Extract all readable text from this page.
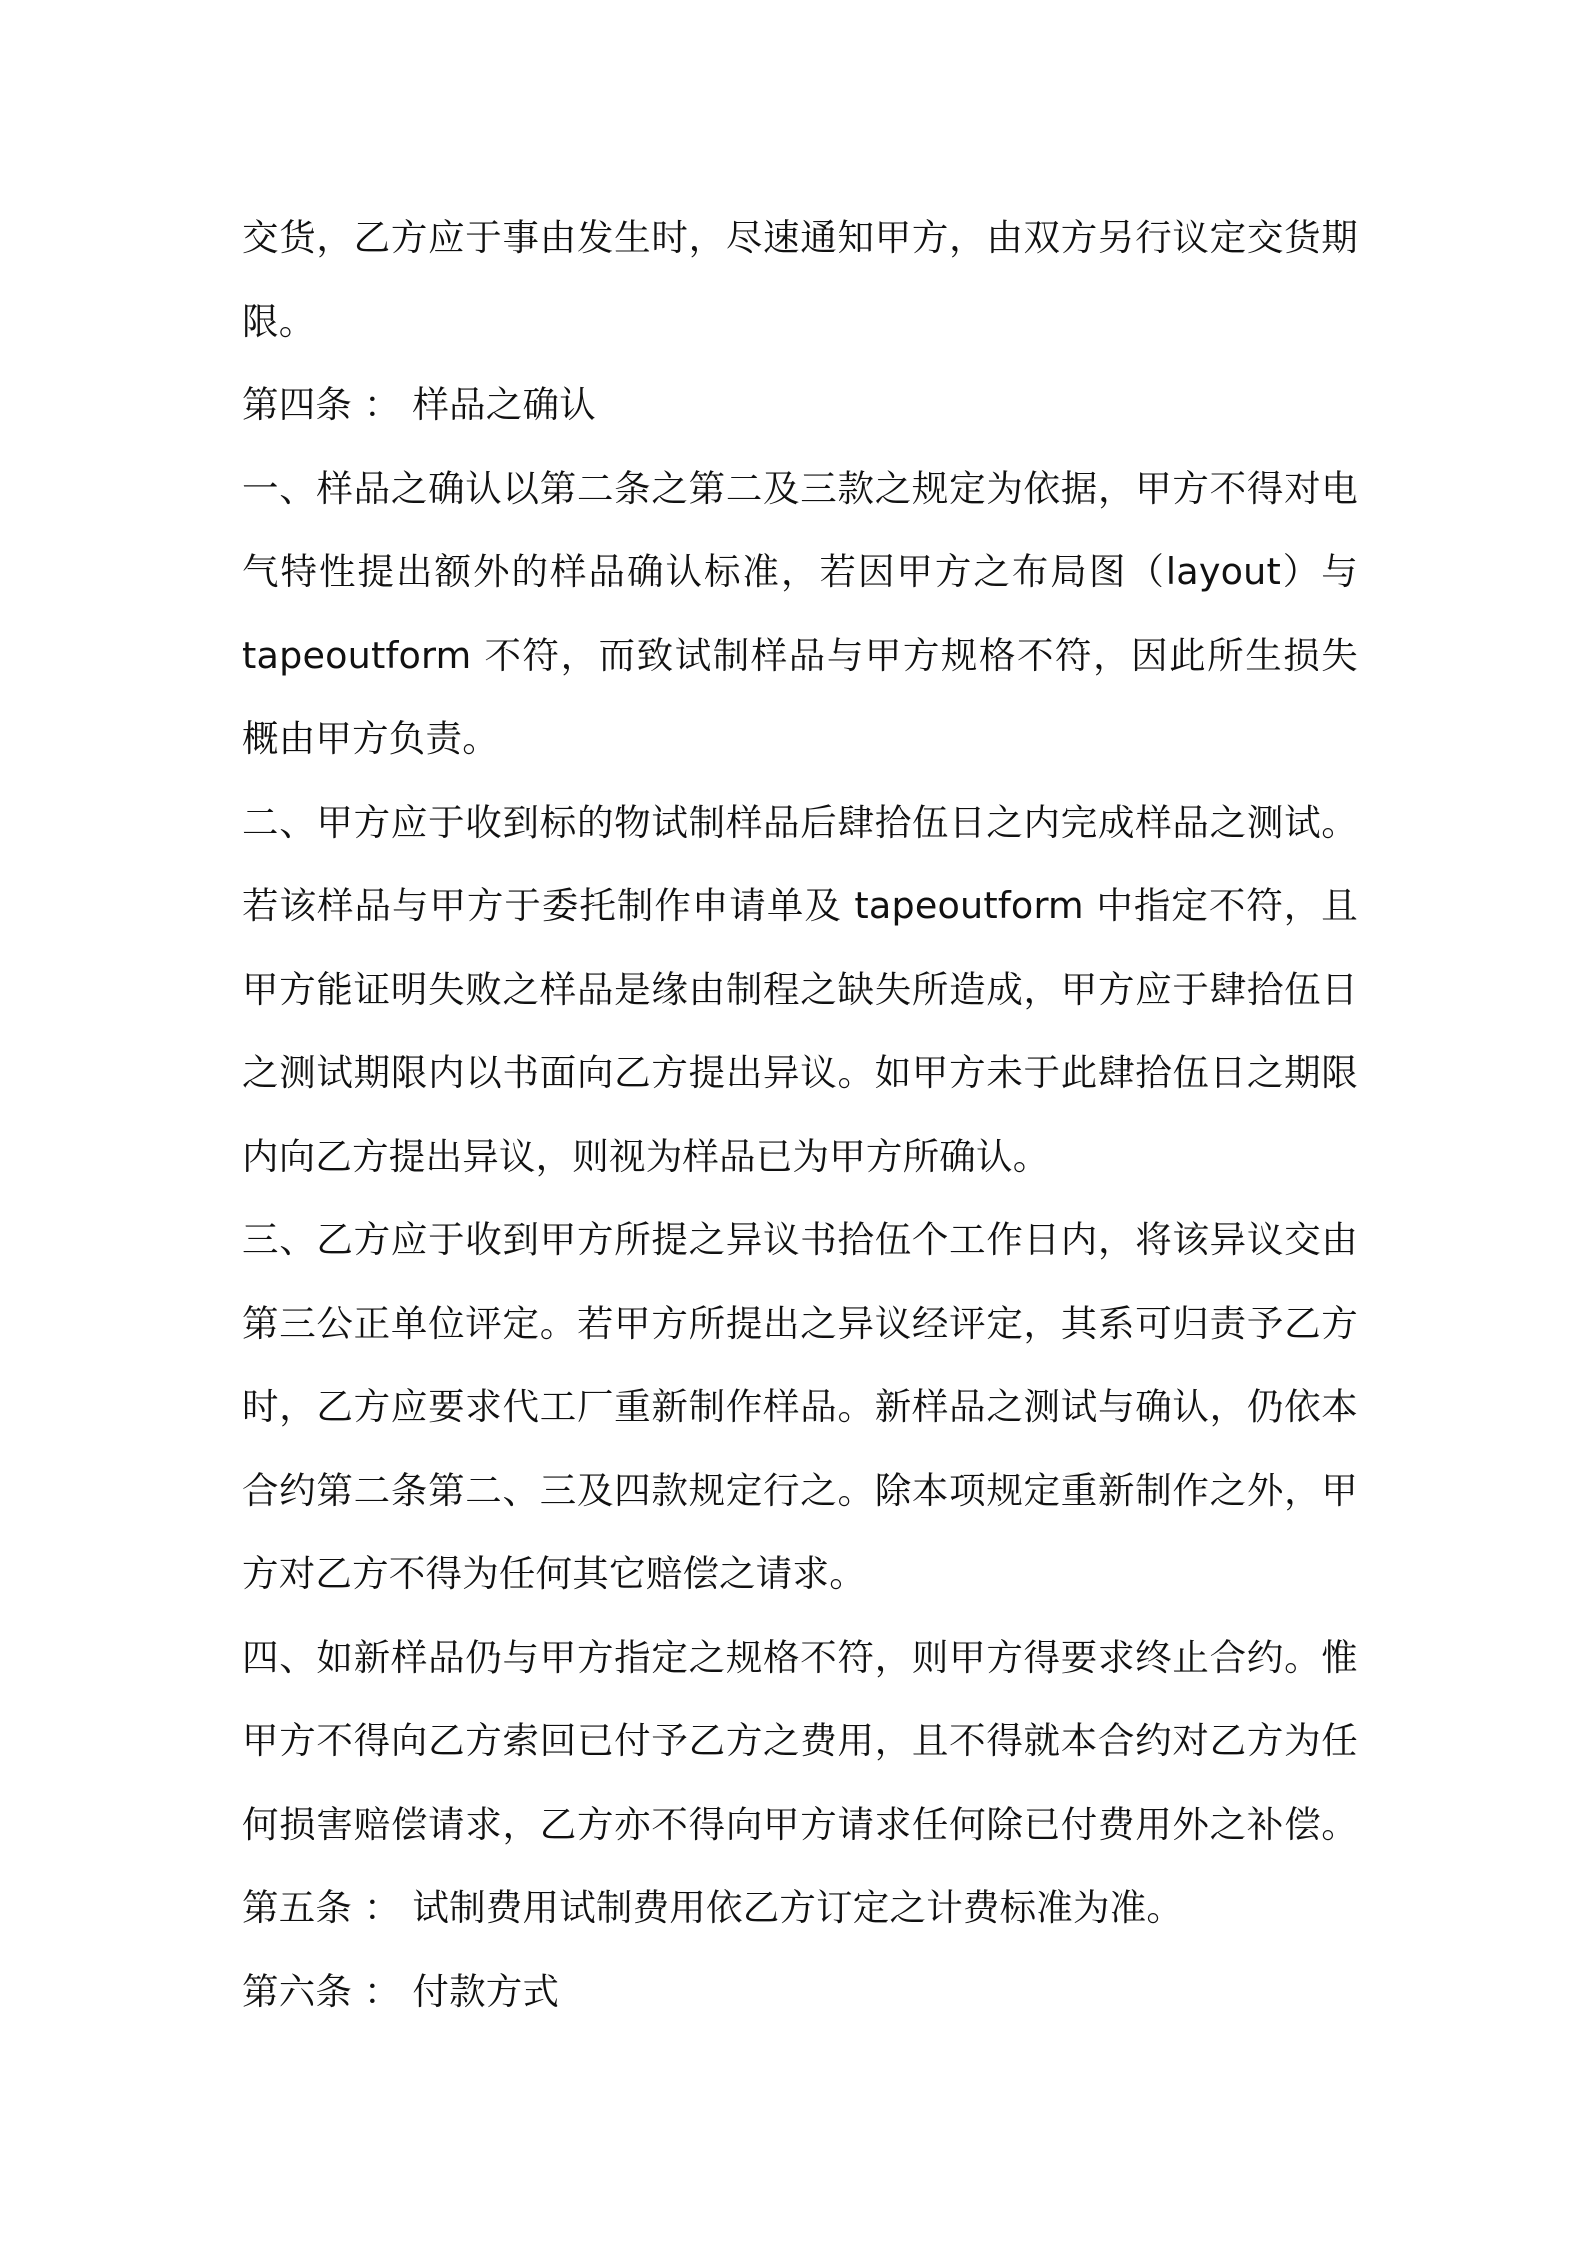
交货，乙方应于事由发生时，尽速通知甲方，由双方另行议定交货期
限。
第四条 ： 样品之确认
一、样品之确认以第二条之第二及三款之规定为依据，甲方不得对电
气特性提出额外的样品确认标准，若因甲方之布局图（layout）与
tapeoutform 不符，而致试制样品与甲方规格不符，因此所生损失
概由甲方负责。
二、甲方应于收到标的物试制样品后肆拾伍日之内完成样品之测试。
若该样品与甲方于委托制作申请单及 tapeoutform 中指定不符，且
甲方能证明失败之样品是缘由制程之缺失所造成，甲方应于肆拾伍日
之测试期限内以书面向乙方提出异议。如甲方未于此肆拾伍日之期限
内向乙方提出异议，则视为样品已为甲方所确认。
三、乙方应于收到甲方所提之异议书拾伍个工作日内，将该异议交由
第三公正单位评定。若甲方所提出之异议经评定，其系可归责予乙方
时，乙方应要求代工厂重新制作样品。新样品之测试与确认，仍依本
合约第二条第二、三及四款规定行之。除本项规定重新制作之外，甲
方对乙方不得为任何其它赔偿之请求。
四、如新样品仍与甲方指定之规格不符，则甲方得要求终止合约。惟
甲方不得向乙方索回已付予乙方之费用，且不得就本合约对乙方为任
何损害赔偿请求，乙方亦不得向甲方请求任何除已付费用外之补偿。
第五条 ： 试制费用试制费用依乙方订定之计费标准为准。
第六条 ： 付款方式
